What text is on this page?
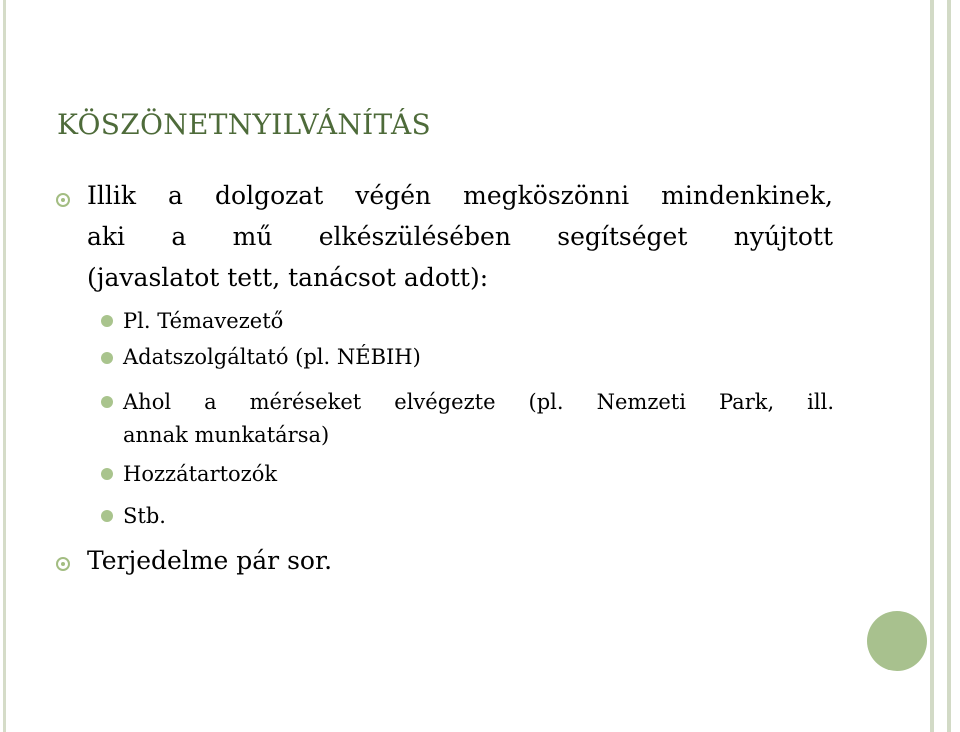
KÖSZÖNETNYILVÁNÍTÁS
Illik a dolgozat végén megköszönni mindenkinek,
aki a mű elkészülésében segítséget nyújtott
(javaslatot tett, tanácsot adott):
Pl. Témavezető
Adatszolgáltató (pl. NÉBIH)
Ahol a méréseket elvégezte (pl. Nemzeti Park, ill.
annak munkatársa)
Hozzátartozók
Stb.
Terjedelme pár sor.
